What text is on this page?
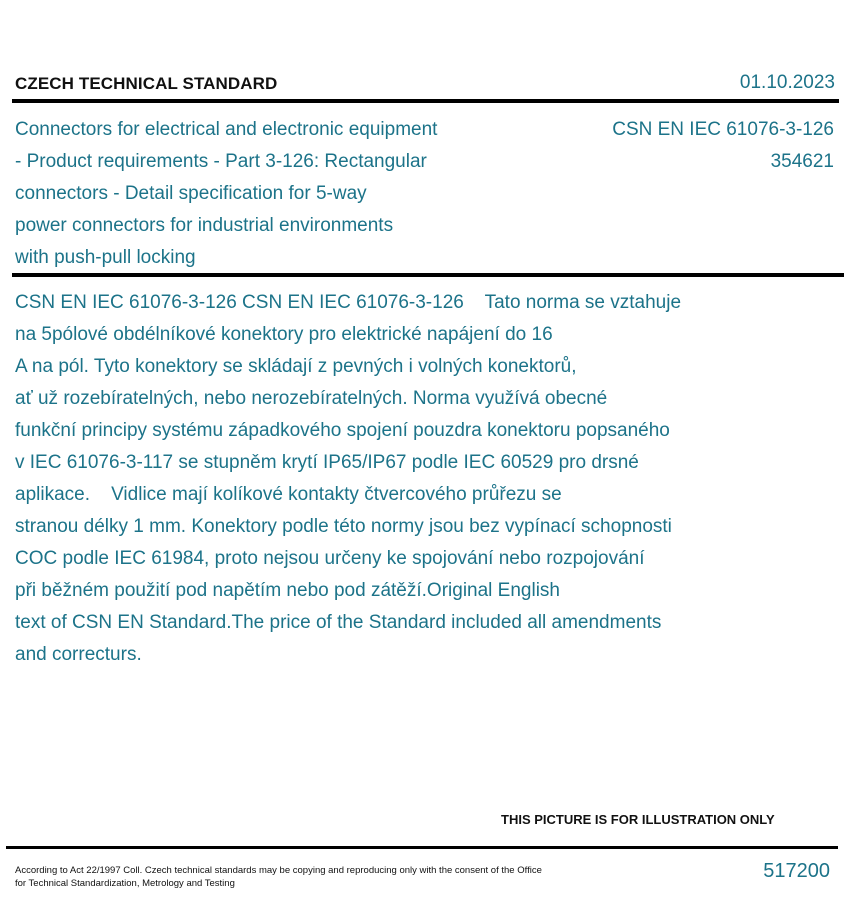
CZECH TECHNICAL STANDARD	01.10.2023
Connectors for electrical and electronic equipment
- Product requirements - Part 3-126: Rectangular
connectors - Detail specification for 5-way
power connectors for industrial environments
with push-pull locking
CSN EN IEC 61076-3-126
354621
CSN EN IEC 61076-3-126 CSN EN IEC 61076-3-126    Tato norma se vztahuje
na 5pólové obdélníkové konektory pro elektrické napájení do 16
A na pól. Tyto konektory se skládají z pevných i volných konektorů,
ať už rozebíratelných, nebo nerozebíratelných. Norma využívá obecné
funkční principy systému západkového spojení pouzdra konektoru popsaného
v IEC 61076-3-117 se stupněm krytí IP65/IP67 podle IEC 60529 pro drsné
aplikace.    Vidlice mají kolíkové kontakty čtvercového průřezu se
stranou délky 1 mm. Konektory podle této normy jsou bez vypínací schopnosti
COC podle IEC 61984, proto nejsou určeny ke spojování nebo rozpojování
při běžném použití pod napětím nebo pod zátěží.Original English
text of CSN EN Standard.The price of the Standard included all amendments
and correcturs.
THIS PICTURE IS FOR ILLUSTRATION ONLY
According to Act 22/1997 Coll. Czech technical standards may be copying and reproducing only with the consent of the Office
for Technical Standardization, Metrology and Testing
517200
